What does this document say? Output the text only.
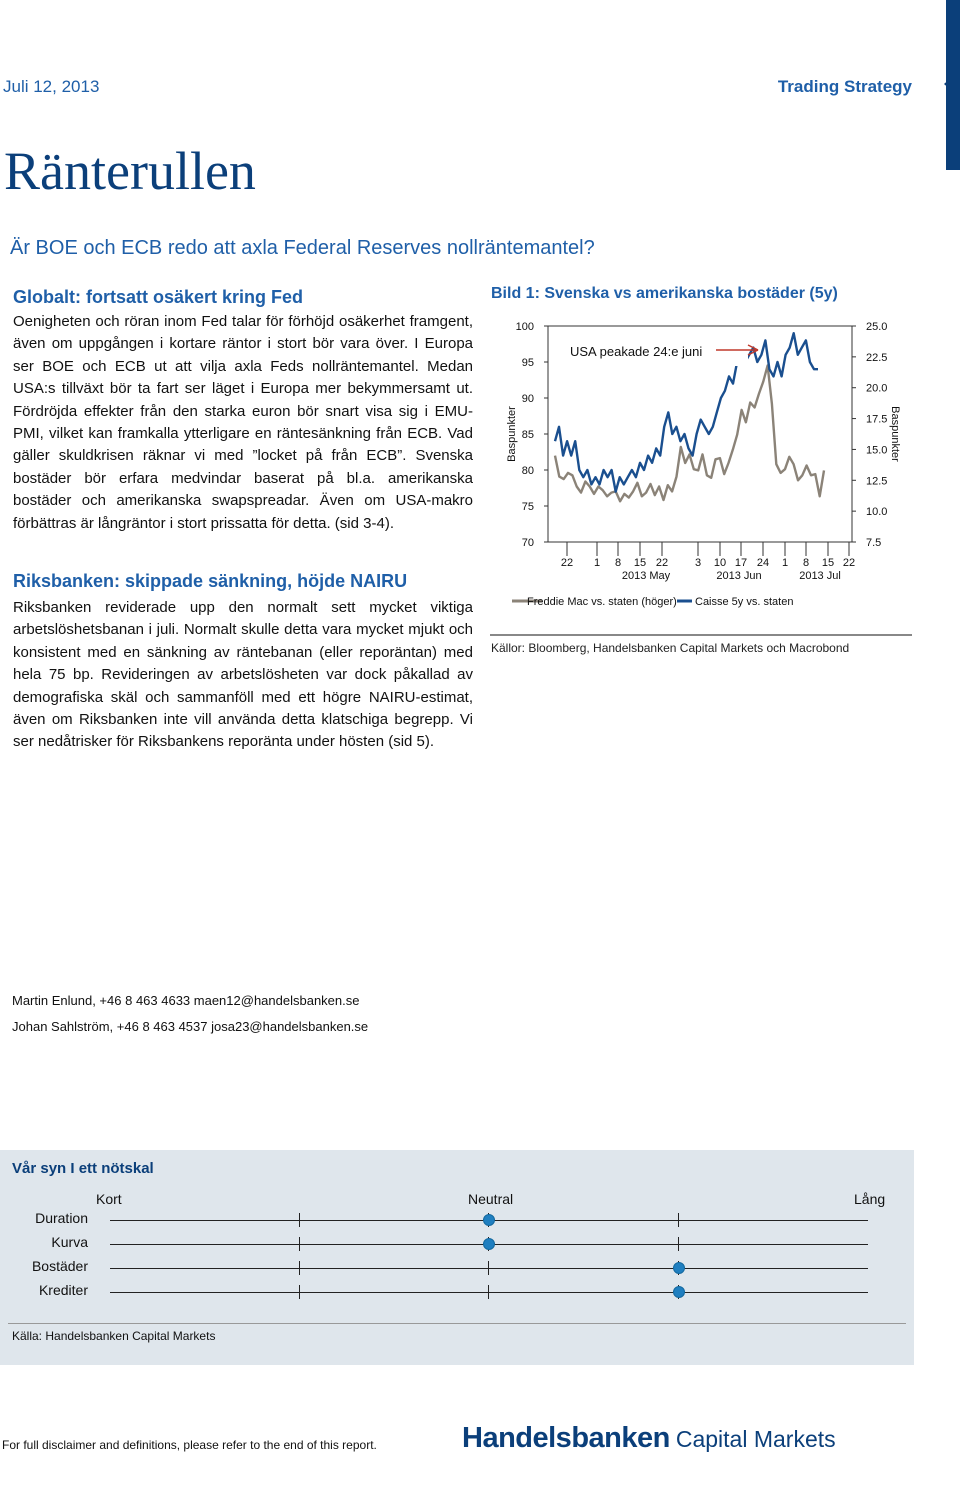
Juli 12, 2013	Trading Strategy
Ränterullen
Är BOE och ECB redo att axla Federal Reserves nollräntemantel?
Globalt: fortsatt osäkert kring Fed

Oenigheten och röran inom Fed talar för förhöjd osäkerhet framgent, även om uppgången i kortare räntor i stort bör vara över. I Europa ser BOE och ECB ut att vilja axla Feds nollräntemantel. Medan USA:s tillväxt bör ta fart ser läget i Europa mer bekymmersamt ut. Fördröjda effekter från den starka euron bör snart visa sig i EMU-PMI, vilket kan framkalla ytterligare en räntesänkning från ECB. Vad gäller skuldkrisen räknar vi med ”locket på från ECB”. Svenska bostäder bör erfara medvindar baserat på bl.a. amerikanska bostäder och amerikanska swapspreadar. Även om USA-makro förbättras är långräntor i stort prissatta för detta. (sid 3-4).

Riksbanken: skippade sänkning, höjde NAIRU

Riksbanken reviderade upp den normalt sett mycket viktiga arbetslöshetsbanan i juli. Normalt skulle detta vara mycket mjukt och konsistent med en sänkning av räntebanan (eller reporäntan) med hela 75 bp. Revideringen av arbetslösheten var dock påkallad av demografiska skäl och sammanföll med ett högre NAIRU-estimat, även om Riksbanken inte vill använda detta klatschiga begrepp. Vi ser nedåtrisker för Riksbankens reporänta under hösten (sid 5).

Bild 1: Svenska vs amerikanska bostäder (5y)
70
75
80
85
90
95
100
7.5
10.0
12.5
15.0
17.5
20.0
22.5
25.0
Baspunkter	Baspunkter
22 1 8 15 22 3 10 17 24 1 8 15 22
2013 May	2013 Jun	2013 Jul
USA peakade 24:e juni
Freddie Mac vs. staten (höger) Caisse 5y vs. staten
Källor: Bloomberg, Handelsbanken Capital Markets och Macrobond
Martin Enlund, +46 8 463 4633 maen12@handelsbanken.se
Johan Sahlström, +46 8 463 4537 josa23@handelsbanken.se
Vår syn I ett nötskal
Kort	Neutral	Lång
Duration
Kurva
Bostäder
Krediter
Källa: Handelsbanken Capital Markets
For full disclaimer and definitions, please refer to the end of this report.	Handelsbanken Capital Markets
